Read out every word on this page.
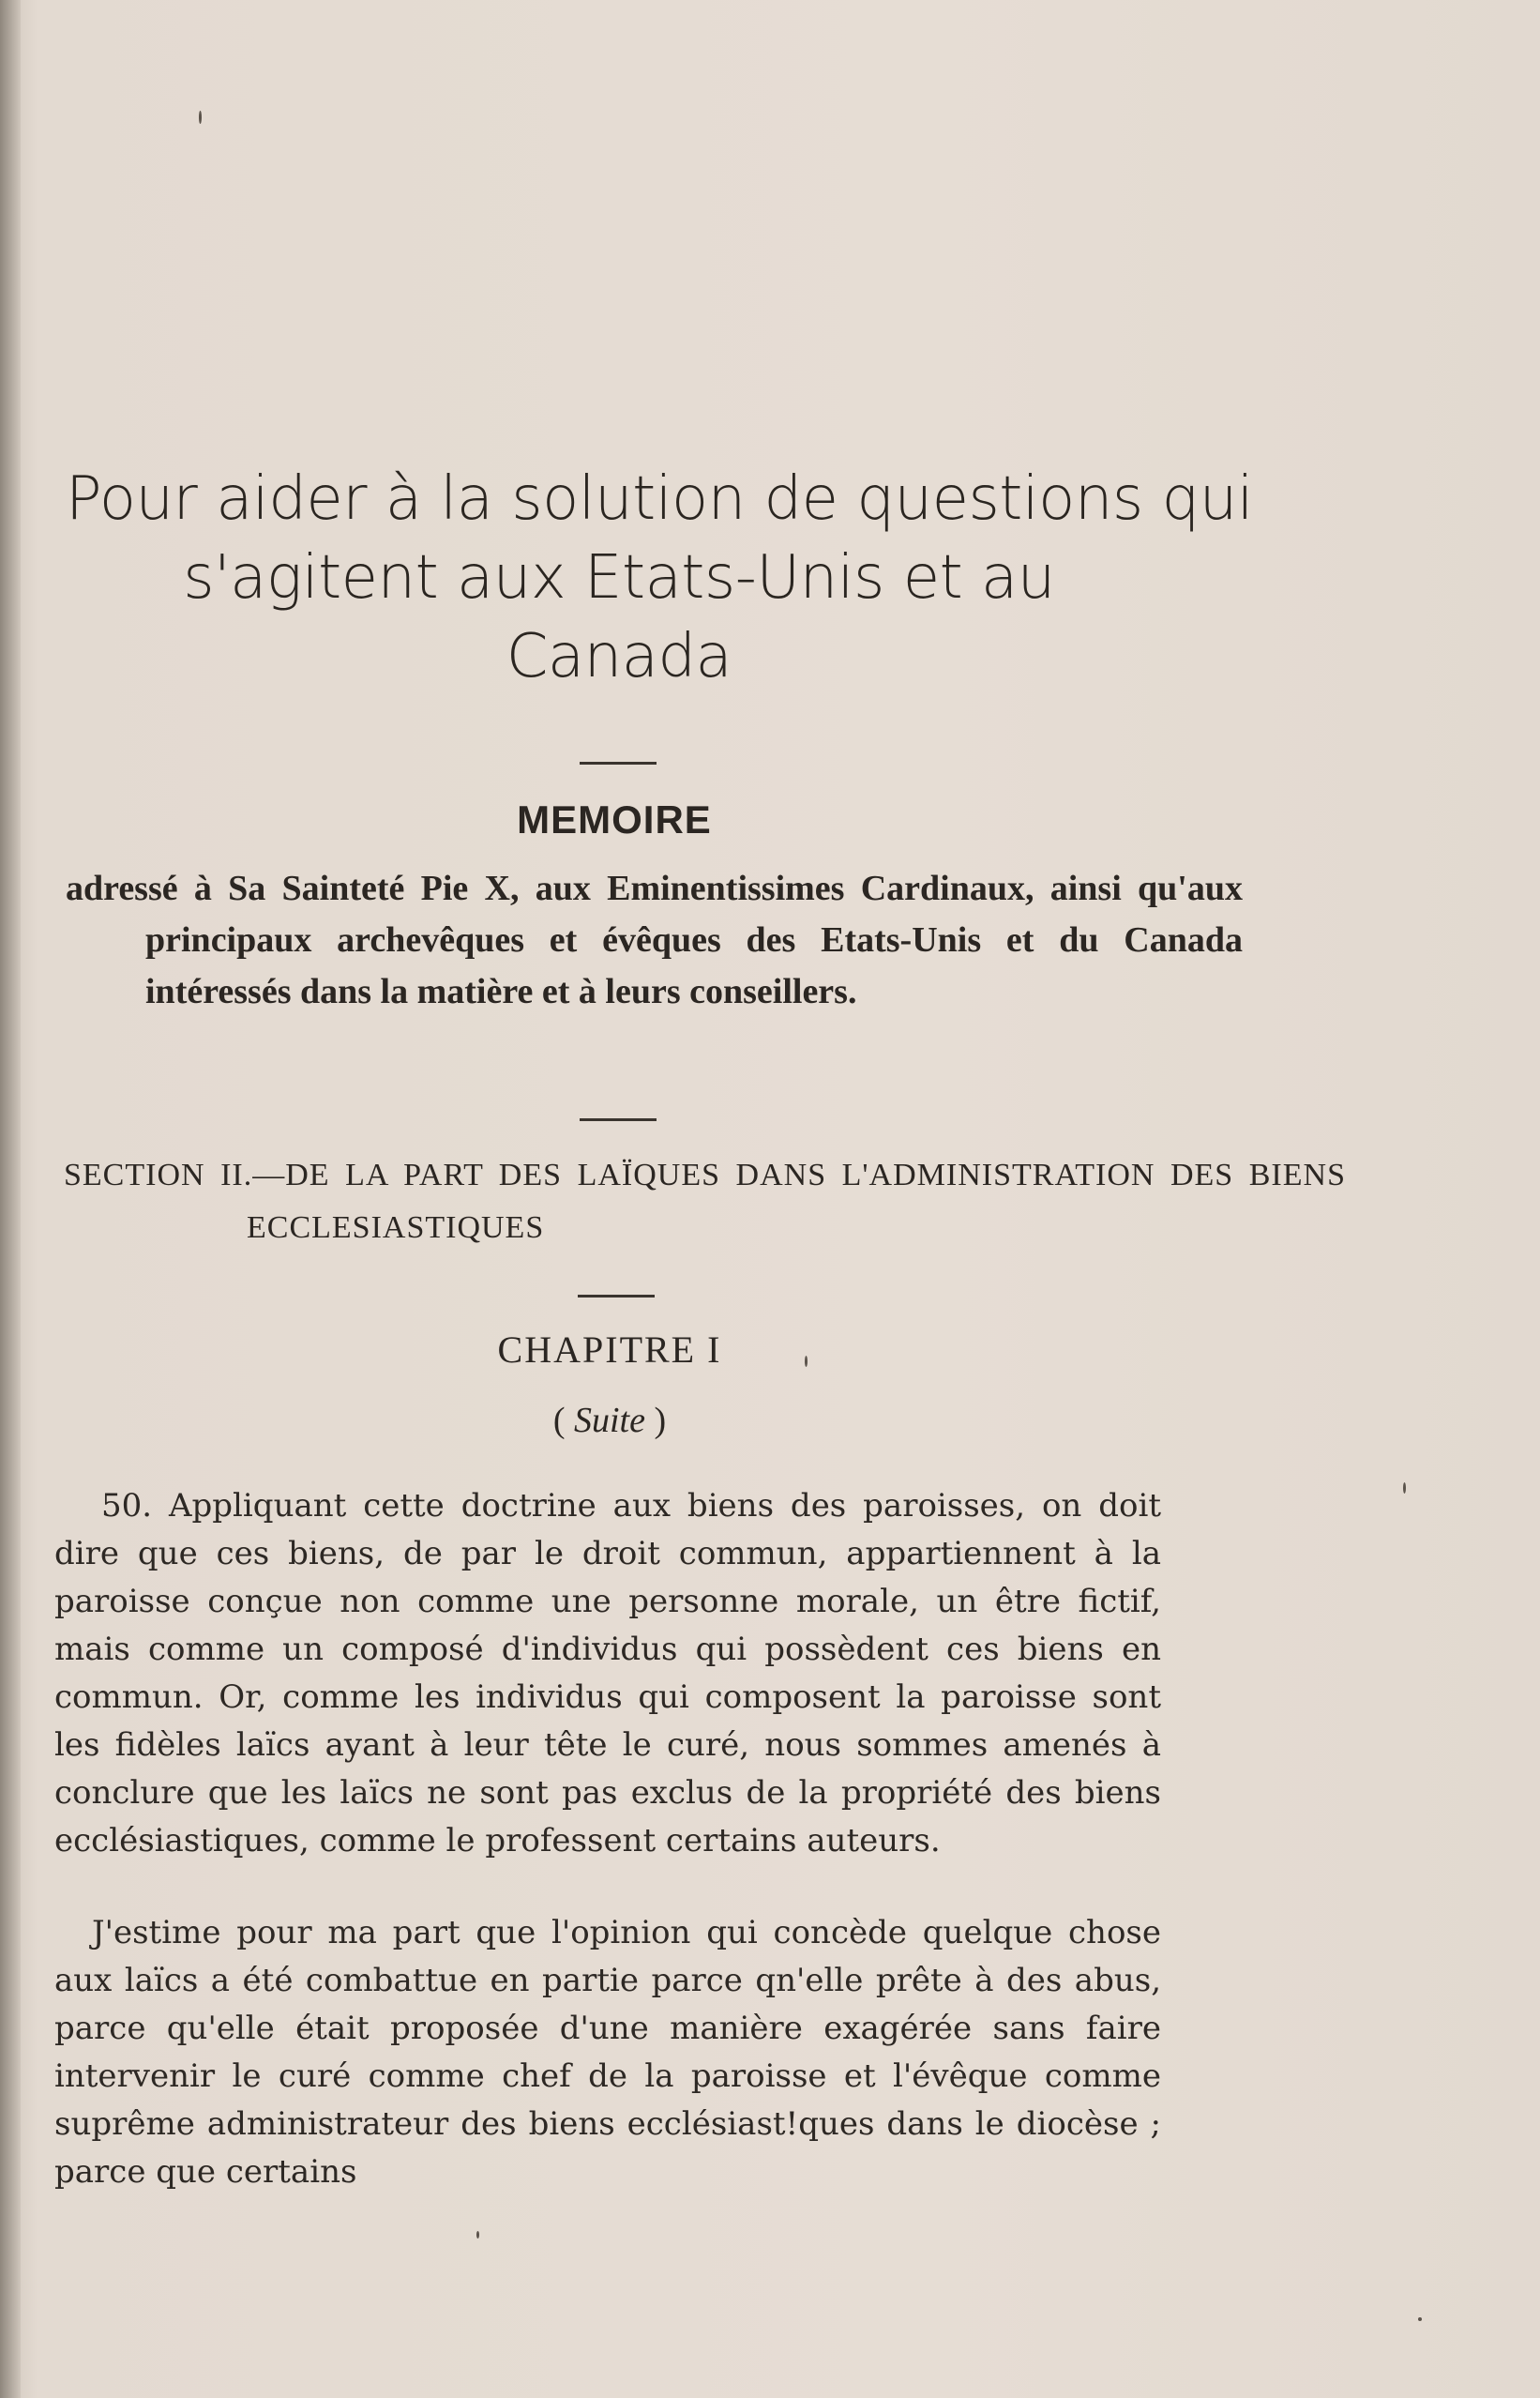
Pour aider à la solution de questions qui
s'agitent aux Etats-Unis et au
Canada
MEMOIRE
adressé à Sa Sainteté Pie X, aux Eminentissimes Cardinaux, ainsi qu'aux principaux archevêques et évêques des Etats-Unis et du Canada intéressés dans la matière et à leurs conseillers.
SECTION II.—DE LA PART DES LAÏQUES DANS L'ADMINISTRATION DES BIENS ECCLESIASTIQUES
CHAPITRE I
( Suite )
50. Appliquant cette doctrine aux biens des paroisses, on doit dire que ces biens, de par le droit commun, appartiennent à la paroisse conçue non comme une personne morale, un être fictif, mais comme un composé d'individus qui possèdent ces biens en commun. Or, comme les individus qui composent la paroisse sont les fidèles laïcs ayant à leur tête le curé, nous sommes amenés à conclure que les laïcs ne sont pas exclus de la propriété des biens ecclésiastiques, comme le professent certains auteurs.
J'estime pour ma part que l'opinion qui concède quelque chose aux laïcs a été combattue en partie parce qn'elle prête à des abus, parce qu'elle était proposée d'une manière exagérée sans faire intervenir le curé comme chef de la paroisse et l'évêque comme suprême administrateur des biens ecclésiast!ques dans le diocèse ; parce que certains
